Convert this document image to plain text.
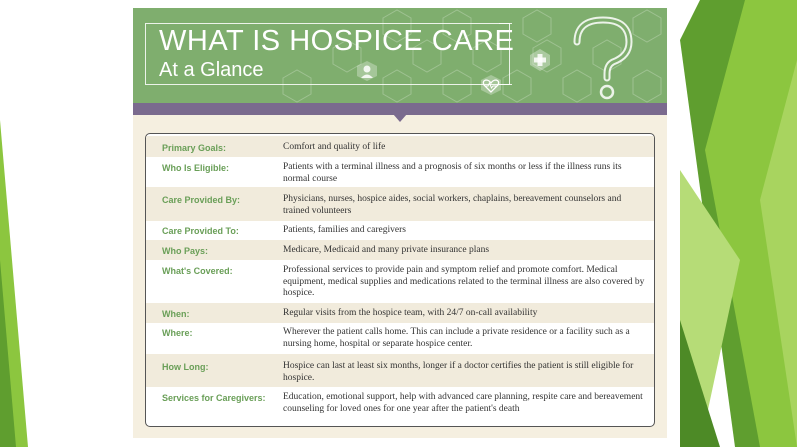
WHAT IS HOSPICE CARE
At a Glance
Primary Goals:	Comfort and quality of life
Who Is Eligible:	Patients with a terminal illness and a prognosis of six months or less if the illness runs its normal course
Care Provided By:	Physicians, nurses, hospice aides, social workers, chaplains, bereavement counselors and trained volunteers
Care Provided To:	Patients, families and caregivers
Who Pays:	Medicare, Medicaid and many private insurance plans
What's Covered:	Professional services to provide pain and symptom relief and promote comfort. Medical equipment, medical supplies and medications related to the terminal illness are also covered by hospice.
When:	Regular visits from the hospice team, with 24/7 on-call availability
Where:	Wherever the patient calls home. This can include a private residence or a facility such as a nursing home, hospital or separate hospice center.
How Long:	Hospice can last at least six months, longer if a doctor certifies the patient is still eligible for hospice.
Services for Caregivers: Education, emotional support, help with advanced care planning, respite care and bereavement counseling for loved ones for one year after the patient's death
